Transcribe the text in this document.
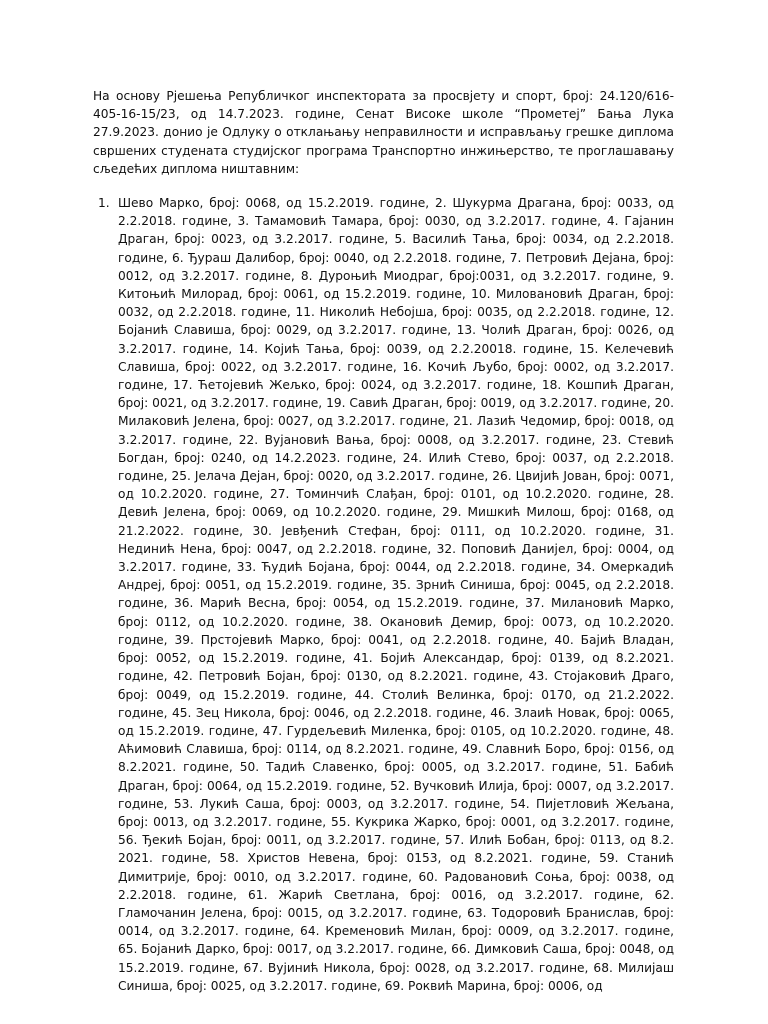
На основу Рјешења Републичког инспектората за просвјету и спорт, број: 24.120/616-405-16-15/23, од 14.7.2023. године, Сенат Високе школе “Прометеј” Бања Лука 27.9.2023. донио је Одлуку о отклањању неправилности и исправљању грешке диплома свршених студената студијског програма Транспортно инжињерство, те проглашавању сљедећих диплома ништавним:

1. Шево Марко, број: 0068, од 15.2.2019. године, 2. Шукурма Драгана, број: 0033, од 2.2.2018. године, 3. Тамамовић Тамара, број: 0030, од 3.2.2017. године, 4. Гајанин Драган, број: 0023, од 3.2.2017. године, 5. Василић Тања, број: 0034, од 2.2.2018. године, 6. Ђураш Далибор, број: 0040, од 2.2.2018. године, 7. Петровић Дејана, број: 0012, од 3.2.2017. године, 8. Дуроњић Миодраг, број:0031, од 3.2.2017. године, 9. Китоњић Милорад, број: 0061, од 15.2.2019. године, 10. Миловановић Драган, број: 0032, од 2.2.2018. године, 11. Николић Небојша, број: 0035, од 2.2.2018. године, 12. Бојанић Славиша, број: 0029, од 3.2.2017. године, 13. Чолић Драган, број: 0026, од 3.2.2017. године, 14. Којић Тања, број: 0039, од 2.2.20018. године, 15. Келечевић Славиша, број: 0022, од 3.2.2017. године, 16. Кочић Љубо, број: 0002, од 3.2.2017. године, 17. Ћетојевић Жељко, број: 0024, од 3.2.2017. године, 18. Кошпић Драган, број: 0021, од 3.2.2017. године, 19. Савић Драган, број: 0019, од 3.2.2017. године, 20. Милаковић Јелена, број: 0027, од 3.2.2017. године, 21. Лазић Чедомир, број: 0018, од 3.2.2017. године, 22. Вујановић Вања, број: 0008, од 3.2.2017. године, 23. Стевић Богдан, број: 0240, од 14.2.2023. године, 24. Илић Стево, број: 0037, од 2.2.2018. године, 25. Јелача Дејан, број: 0020, од 3.2.2017. године, 26. Цвијић Јован, број: 0071, од 10.2.2020. године, 27. Томинчић Слађан, број: 0101, од 10.2.2020. године, 28. Девић Јелена, број: 0069, од 10.2.2020. године, 29. Мишкић Милош, број: 0168, од 21.2.2022. године, 30. Јевђенић Стефан, број: 0111, од 10.2.2020. године, 31. Нединић Нена, број: 0047, од 2.2.2018. године, 32. Поповић Данијел, број: 0004, од 3.2.2017. године, 33. Ћудић Бојана, број: 0044, од 2.2.2018. године, 34. Омеркадић Андреј, број: 0051, од 15.2.2019. године, 35. Зрнић Синиша, број: 0045, од 2.2.2018. године, 36. Марић Весна, број: 0054, од 15.2.2019. године, 37. Милановић Марко, број: 0112, од 10.2.2020. године, 38. Окановић Демир, број: 0073, од 10.2.2020. године, 39. Прстојевић Марко, број: 0041, од 2.2.2018. године, 40. Бајић Владан, број: 0052, од 15.2.2019. године, 41. Бојић Александар, број: 0139, од 8.2.2021. године, 42. Петровић Бојан, број: 0130, од 8.2.2021. године, 43. Стојаковић Драго, број: 0049, од 15.2.2019. године, 44. Столић Велинка, број: 0170, од 21.2.2022. године, 45. Зец Никола, број: 0046, од 2.2.2018. године, 46. Злаић Новак, број: 0065, од 15.2.2019. године, 47. Гурдељевић Миленка, број: 0105, од 10.2.2020. године, 48. Аћимовић Славиша, број: 0114, од 8.2.2021. године, 49. Славнић Боро, број: 0156, од 8.2.2021. године, 50. Тадић Славенко, број: 0005, од 3.2.2017. године, 51. Бабић Драган, број: 0064, од 15.2.2019. године, 52. Вучковић Илија, број: 0007, од 3.2.2017. године, 53. Лукић Саша, број: 0003, од 3.2.2017. године, 54. Пијетловић Жељана, број: 0013, од 3.2.2017. године, 55. Кукрика Жарко, број: 0001, од 3.2.2017. године, 56. Ђекић Бојан, број: 0011, од 3.2.2017. године, 57. Илић Бобан, број: 0113, од 8.2. 2021. године, 58. Христов Невена, број: 0153, од 8.2.2021. године, 59. Станић Димитрије, број: 0010, од 3.2.2017. године, 60. Радовановић Соња, број: 0038, од 2.2.2018. године, 61. Жарић Светлана, број: 0016, од 3.2.2017. године, 62. Гламочанин Јелена, број: 0015, од 3.2.2017. године, 63. Тодоровић Бранислав, број: 0014, од 3.2.2017. године, 64. Кременовић Милан, број: 0009, од 3.2.2017. године, 65. Бојанић Дарко, број: 0017, од 3.2.2017. године, 66. Димковић Саша, број: 0048, од 15.2.2019. године, 67. Вујинић Никола, број: 0028, од 3.2.2017. године, 68. Милијаш Синиша, број: 0025, од 3.2.2017. године, 69. Роквић Марина, број: 0006, од
